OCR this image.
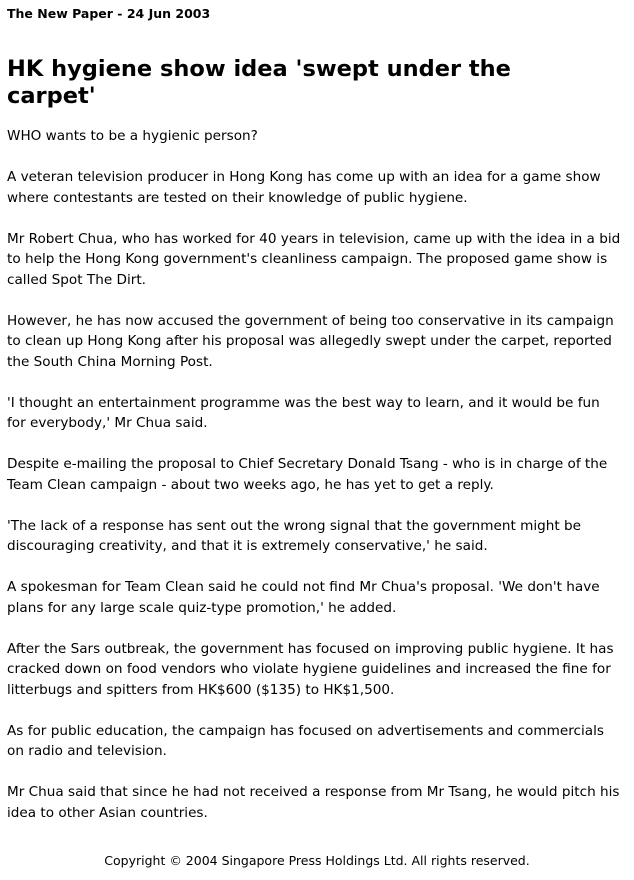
The New Paper - 24 Jun 2003
HK hygiene show idea 'swept under the carpet'

WHO wants to be a hygienic person?

A veteran television producer in Hong Kong has come up with an idea for a game show where contestants are tested on their knowledge of public hygiene.

Mr Robert Chua, who has worked for 40 years in television, came up with the idea in a bid to help the Hong Kong government's cleanliness campaign. The proposed game show is called Spot The Dirt.

However, he has now accused the government of being too conservative in its campaign to clean up Hong Kong after his proposal was allegedly swept under the carpet, reported the South China Morning Post.

'I thought an entertainment programme was the best way to learn, and it would be fun for everybody,' Mr Chua said.

Despite e-mailing the proposal to Chief Secretary Donald Tsang - who is in charge of the Team Clean campaign - about two weeks ago, he has yet to get a reply.

'The lack of a response has sent out the wrong signal that the government might be discouraging creativity, and that it is extremely conservative,' he said.

A spokesman for Team Clean said he could not find Mr Chua's proposal. 'We don't have plans for any large scale quiz-type promotion,' he added.

After the Sars outbreak, the government has focused on improving public hygiene. It has cracked down on food vendors who violate hygiene guidelines and increased the fine for litterbugs and spitters from HK$600 ($135) to HK$1,500.

As for public education, the campaign has focused on advertisements and commercials on radio and television.

Mr Chua said that since he had not received a response from Mr Tsang, he would pitch his idea to other Asian countries.

Copyright © 2004 Singapore Press Holdings Ltd. All rights reserved.
